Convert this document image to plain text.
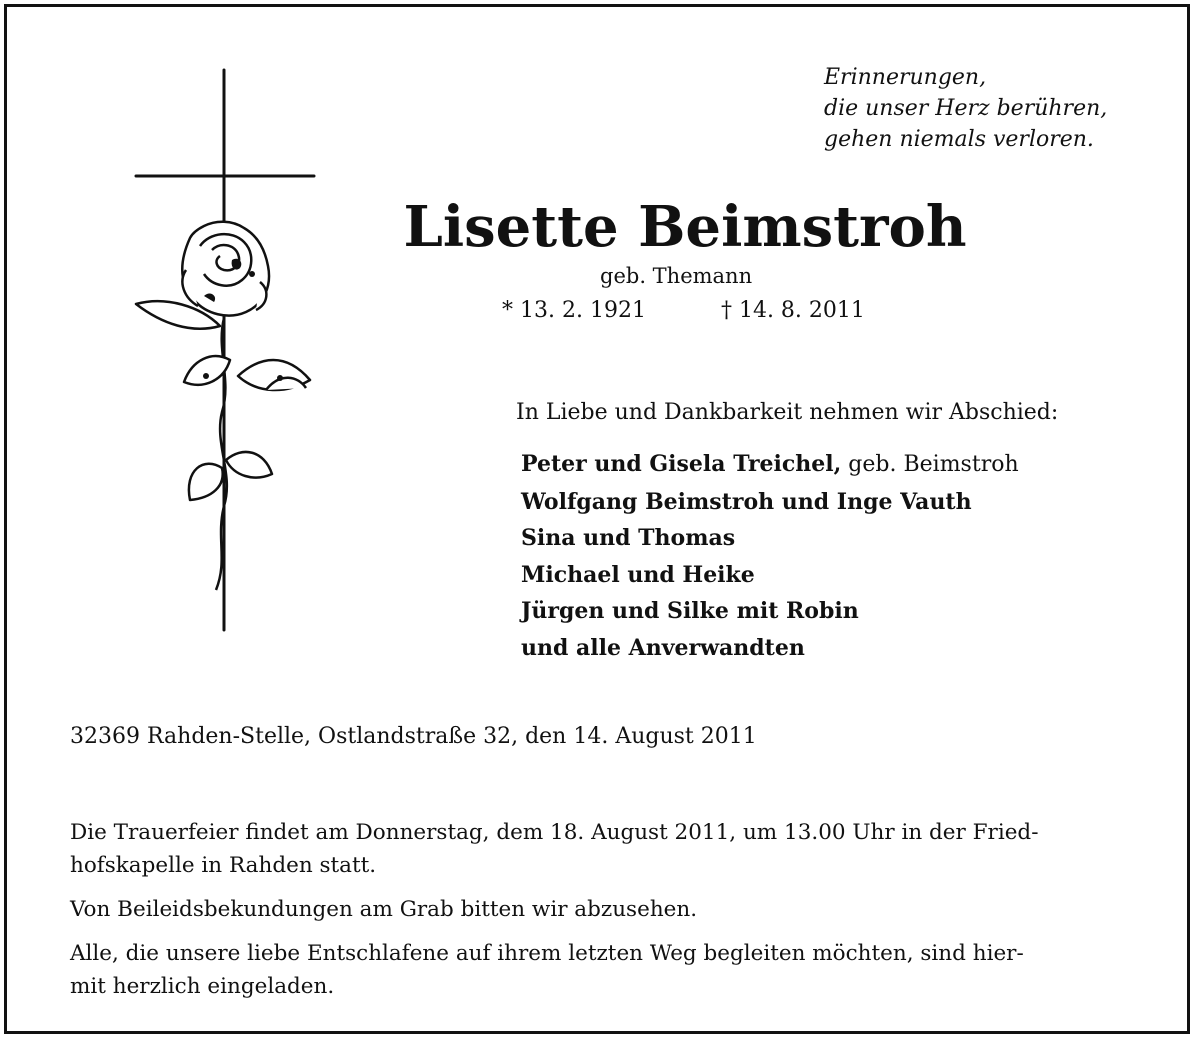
Erinnerungen,
die unser Herz berühren,
gehen niemals verloren.
Lisette Beimstroh
geb. Themann
* 13. 2. 1921	† 14. 8. 2011
In Liebe und Dankbarkeit nehmen wir Abschied:
Peter und Gisela Treichel, geb. Beimstroh
Wolfgang Beimstroh und Inge Vauth
Sina und Thomas
Michael und Heike
Jürgen und Silke mit Robin
und alle Anverwandten
32369 Rahden-Stelle, Ostlandstraße 32, den 14. August 2011
Die Trauerfeier findet am Donnerstag, dem 18. August 2011, um 13.00 Uhr in der Fried-
hofskapelle in Rahden statt.
Von Beileidsbekundungen am Grab bitten wir abzusehen.
Alle, die unsere liebe Entschlafene auf ihrem letzten Weg begleiten möchten, sind hier-
mit herzlich eingeladen.
